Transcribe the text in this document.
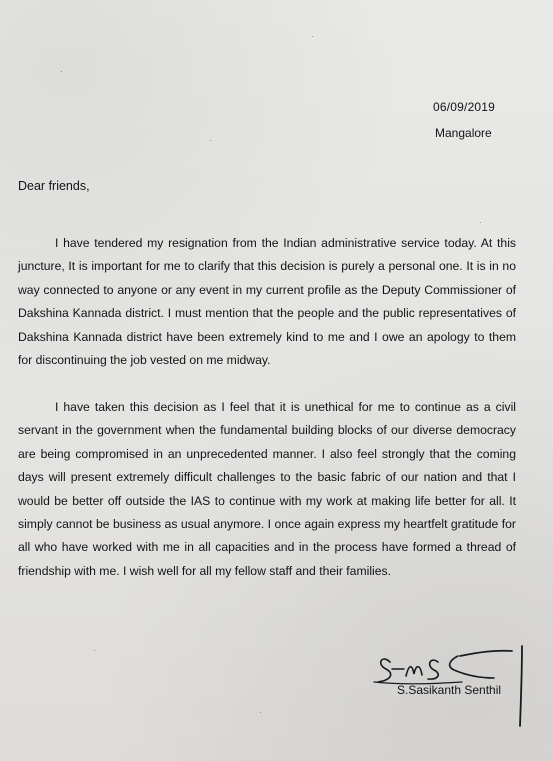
06/09/2019
Mangalore
Dear friends,

I have tendered my resignation from the Indian administrative service today. At this juncture, It is important for me to clarify that this decision is purely a personal one. It is in no way connected to anyone or any event in my current profile as the Deputy Commissioner of Dakshina Kannada district. I must mention that the people and the public representatives of Dakshina Kannada district have been extremely kind to me and I owe an apology to them for discontinuing the job vested on me midway.

I have taken this decision as I feel that it is unethical for me to continue as a civil servant in the government when the fundamental building blocks of our diverse democracy are being compromised in an unprecedented manner. I also feel strongly that the coming days will present extremely difficult challenges to the basic fabric of our nation and that I would be better off outside the IAS to continue with my work at making life better for all. It simply cannot be business as usual anymore. I once again express my heartfelt gratitude for all who have worked with me in all capacities and in the process have formed a thread of friendship with me. I wish well for all my fellow staff and their families.

S.Sasikanth Senthil
